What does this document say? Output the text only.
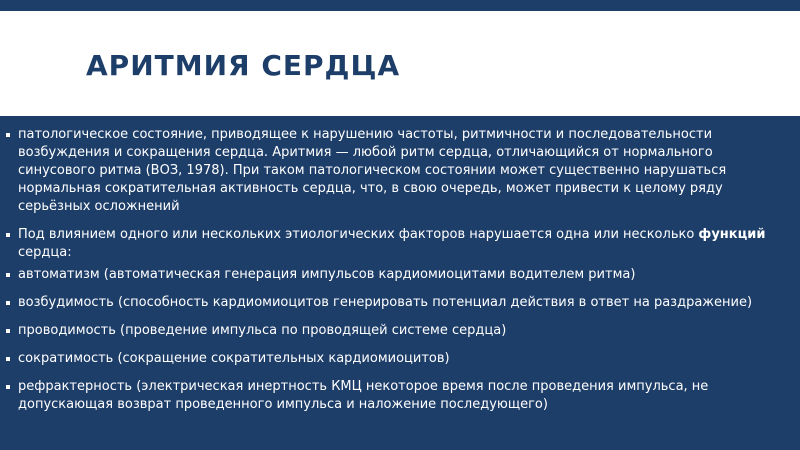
АРИТМИЯ СЕРДЦА
патологическое состояние, приводящее к нарушению частоты, ритмичности и последовательности возбуждения и сокращения сердца. Аритмия — любой ритм сердца, отличающийся от нормального синусового ритма (ВОЗ, 1978). При таком патологическом состоянии может существенно нарушаться нормальная сократительная активность сердца, что, в свою очередь, может привести к целому ряду серьёзных осложнений
Под влиянием одного или нескольких этиологических факторов нарушается одна или несколько функций сердца:
автоматизм (автоматическая генерация импульсов кардиомиоцитами водителем ритма)
возбудимость (способность кардиомиоцитов генерировать потенциал действия в ответ на раздражение)
проводимость (проведение импульса по проводящей системе сердца)
сократимость (сокращение сократительных кардиомиоцитов)
рефрактерность (электрическая инертность КМЦ некоторое время после проведения импульса, не допускающая возврат проведенного импульса и наложение последующего)
